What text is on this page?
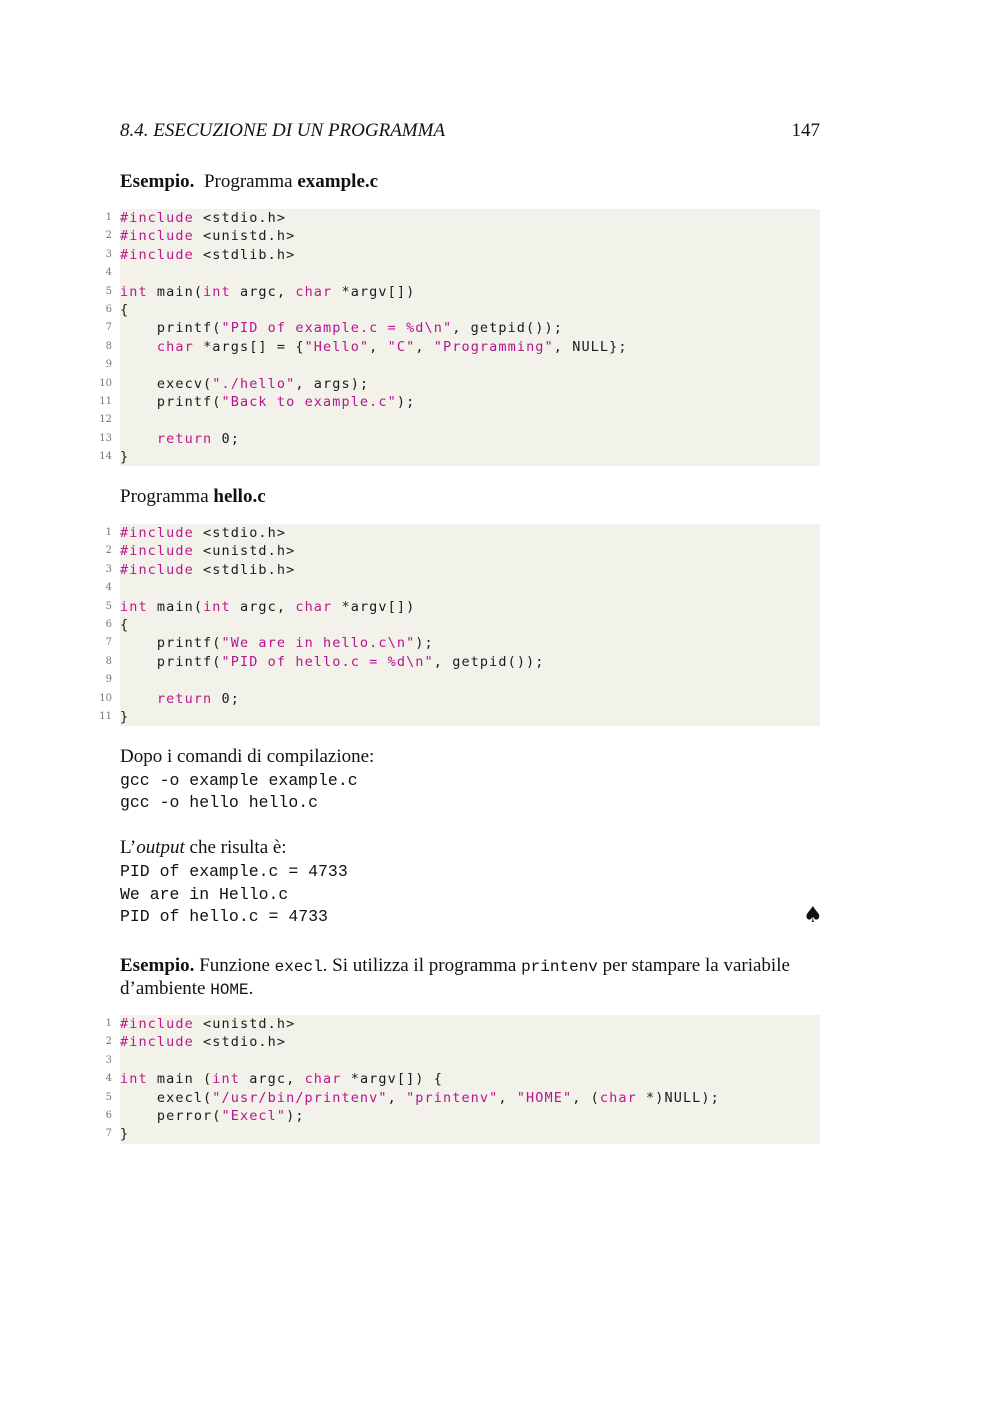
8.4. ESECUZIONE DI UN PROGRAMMA	147
Esempio. Programma example.c
1 #include <stdio.h>
2 #include <unistd.h>
3 #include <stdlib.h>
4
5 int main(int argc, char *argv[])
6 {
7 printf("PID of example.c = %d\n", getpid());
8	char *args[] = {"Hello", "C", "Programming", NULL};
9
10 execv("./hello", args);
11 printf("Back to example.c");
12
13	return 0;
14 }
Programma hello.c
1 #include <stdio.h>
2 #include <unistd.h>
3 #include <stdlib.h>
4
5 int main(int argc, char *argv[])
6 {
7 printf("We are in hello.c\n");
8 printf("PID of hello.c = %d\n", getpid());
9
10	return 0;
11 }
Dopo i comandi di compilazione:
gcc -o example example.c
gcc -o hello hello.c
L’output che risulta è:
PID of example.c = 4733
We are in Hello.c
PID of hello.c = 4733	♠
Esempio. Funzione execl. Si utilizza il programma printenv per stampare la variabile d’ambiente HOME.
1 #include <unistd.h>
2 #include <stdio.h>
3
4 int main (int argc, char *argv[]) {
5 execl("/usr/bin/printenv", "printenv", "HOME", (char *)NULL);
6 perror("Execl");
7 }
